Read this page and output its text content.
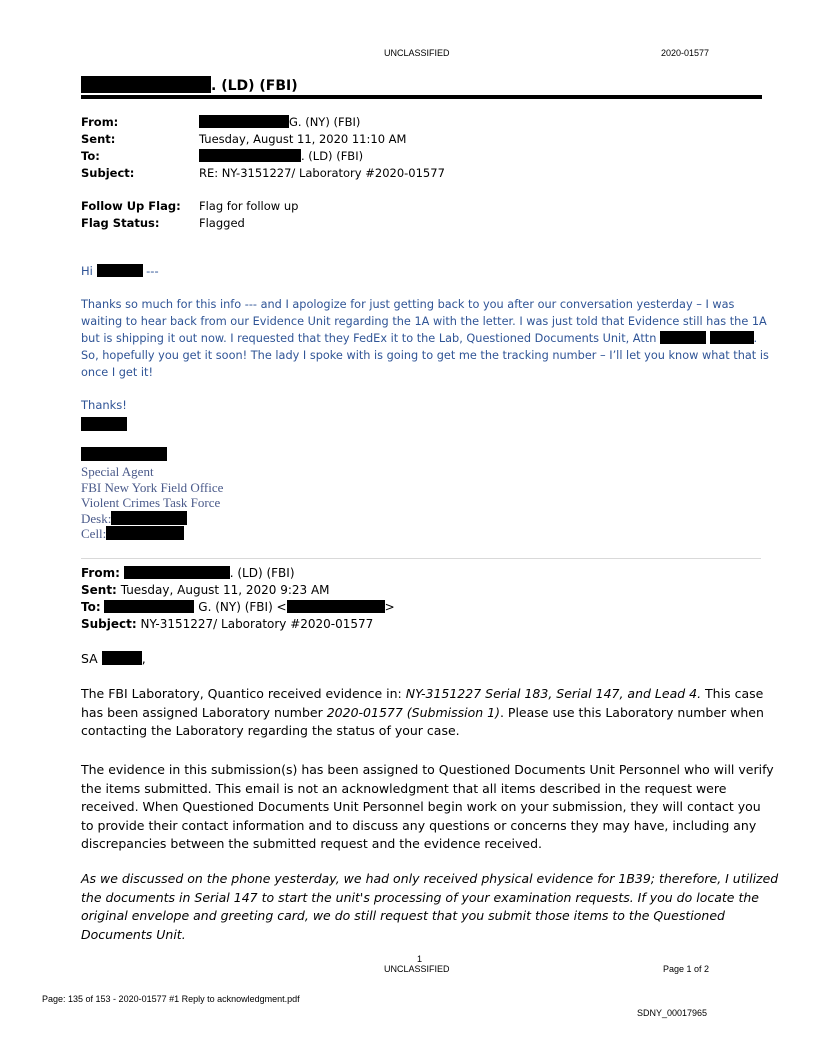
UNCLASSIFIED	2020-01577
. (LD) (FBI)
From:	G. (NY) (FBI)
Sent:	Tuesday, August 11, 2020 11:10 AM
To:	. (LD) (FBI)
Subject:	RE: NY-3151227/ Laboratory #2020-01577
Follow Up Flag: Flag for follow up
Flag Status:	Flagged
Hi	---
Thanks so much for this info --- and I apologize for just getting back to you after our conversation yesterday – I was
waiting to hear back from our Evidence Unit regarding the 1A with the letter. I was just told that Evidence still has the 1A
but is shipping it out now. I requested that they FedEx it to the Lab, Questioned Documents Unit, Attn	.
So, hopefully you get it soon! The lady I spoke with is going to get me the tracking number – I’ll let you know what that is
once I get it!
Thanks!
Special Agent
FBI New York Field Office
Violent Crimes Task Force
Desk:
Cell:
From:	. (LD) (FBI)
Sent: Tuesday, August 11, 2020 9:23 AM
To:	G. (NY) (FBI) <	>
Subject: NY-3151227/ Laboratory #2020-01577
SA	,
The FBI Laboratory, Quantico received evidence in: NY-3151227 Serial 183, Serial 147, and Lead 4. This case
has been assigned Laboratory number 2020-01577 (Submission 1). Please use this Laboratory number when
contacting the Laboratory regarding the status of your case.
The evidence in this submission(s) has been assigned to Questioned Documents Unit Personnel who will verify
the items submitted. This email is not an acknowledgment that all items described in the request were
received. When Questioned Documents Unit Personnel begin work on your submission, they will contact you
to provide their contact information and to discuss any questions or concerns they may have, including any
discrepancies between the submitted request and the evidence received.
As we discussed on the phone yesterday, we had only received physical evidence for 1B39; therefore, I utilized
the documents in Serial 147 to start the unit's processing of your examination requests. If you do locate the
original envelope and greeting card, we do still request that you submit those items to the Questioned
Documents Unit.
1
UNCLASSIFIED	Page 1 of 2
Page: 135 of 153 - 2020-01577 #1 Reply to acknowledgment.pdf
SDNY_00017965
